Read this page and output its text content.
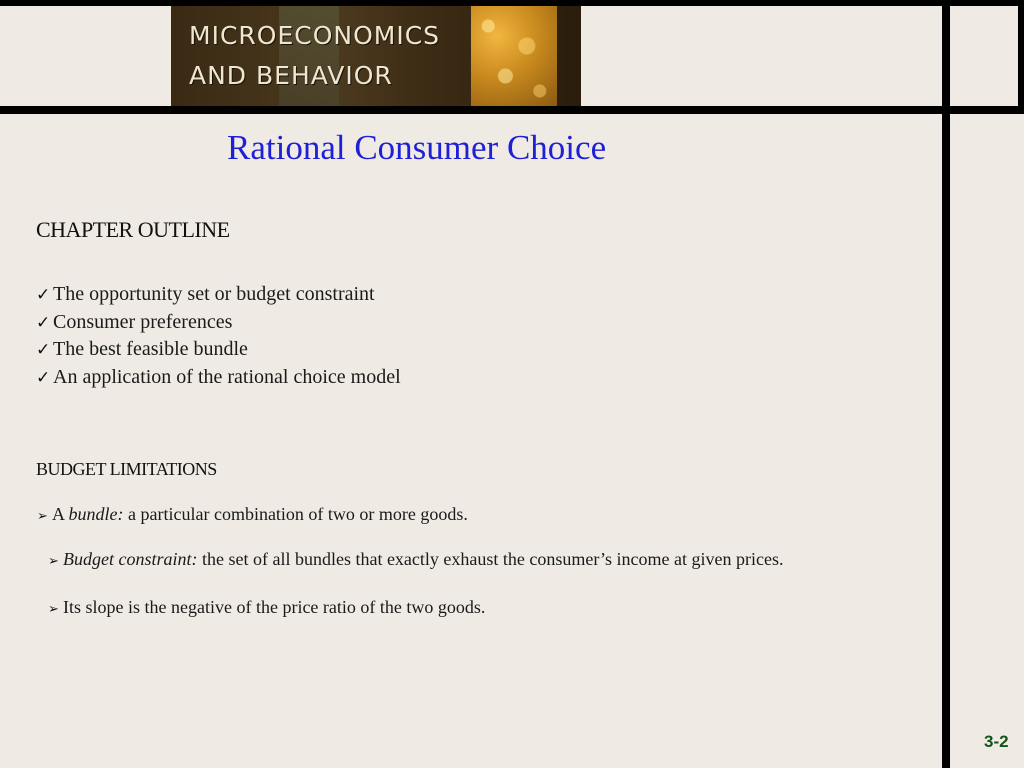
MICROECONOMICS
AND BEHAVIOR
Rational Consumer Choice
CHAPTER OUTLINE
✓ The opportunity set or budget constraint
✓ Consumer preferences
✓ The best feasible bundle
✓ An application of the rational choice model
BUDGET LIMITATIONS

➢ A bundle: a particular combination of two or more goods.

➢ Budget constraint: the set of all bundles that exactly exhaust the consumer’s income at given prices.

➢ Its slope is the negative of the price ratio of the two goods.

3-2
